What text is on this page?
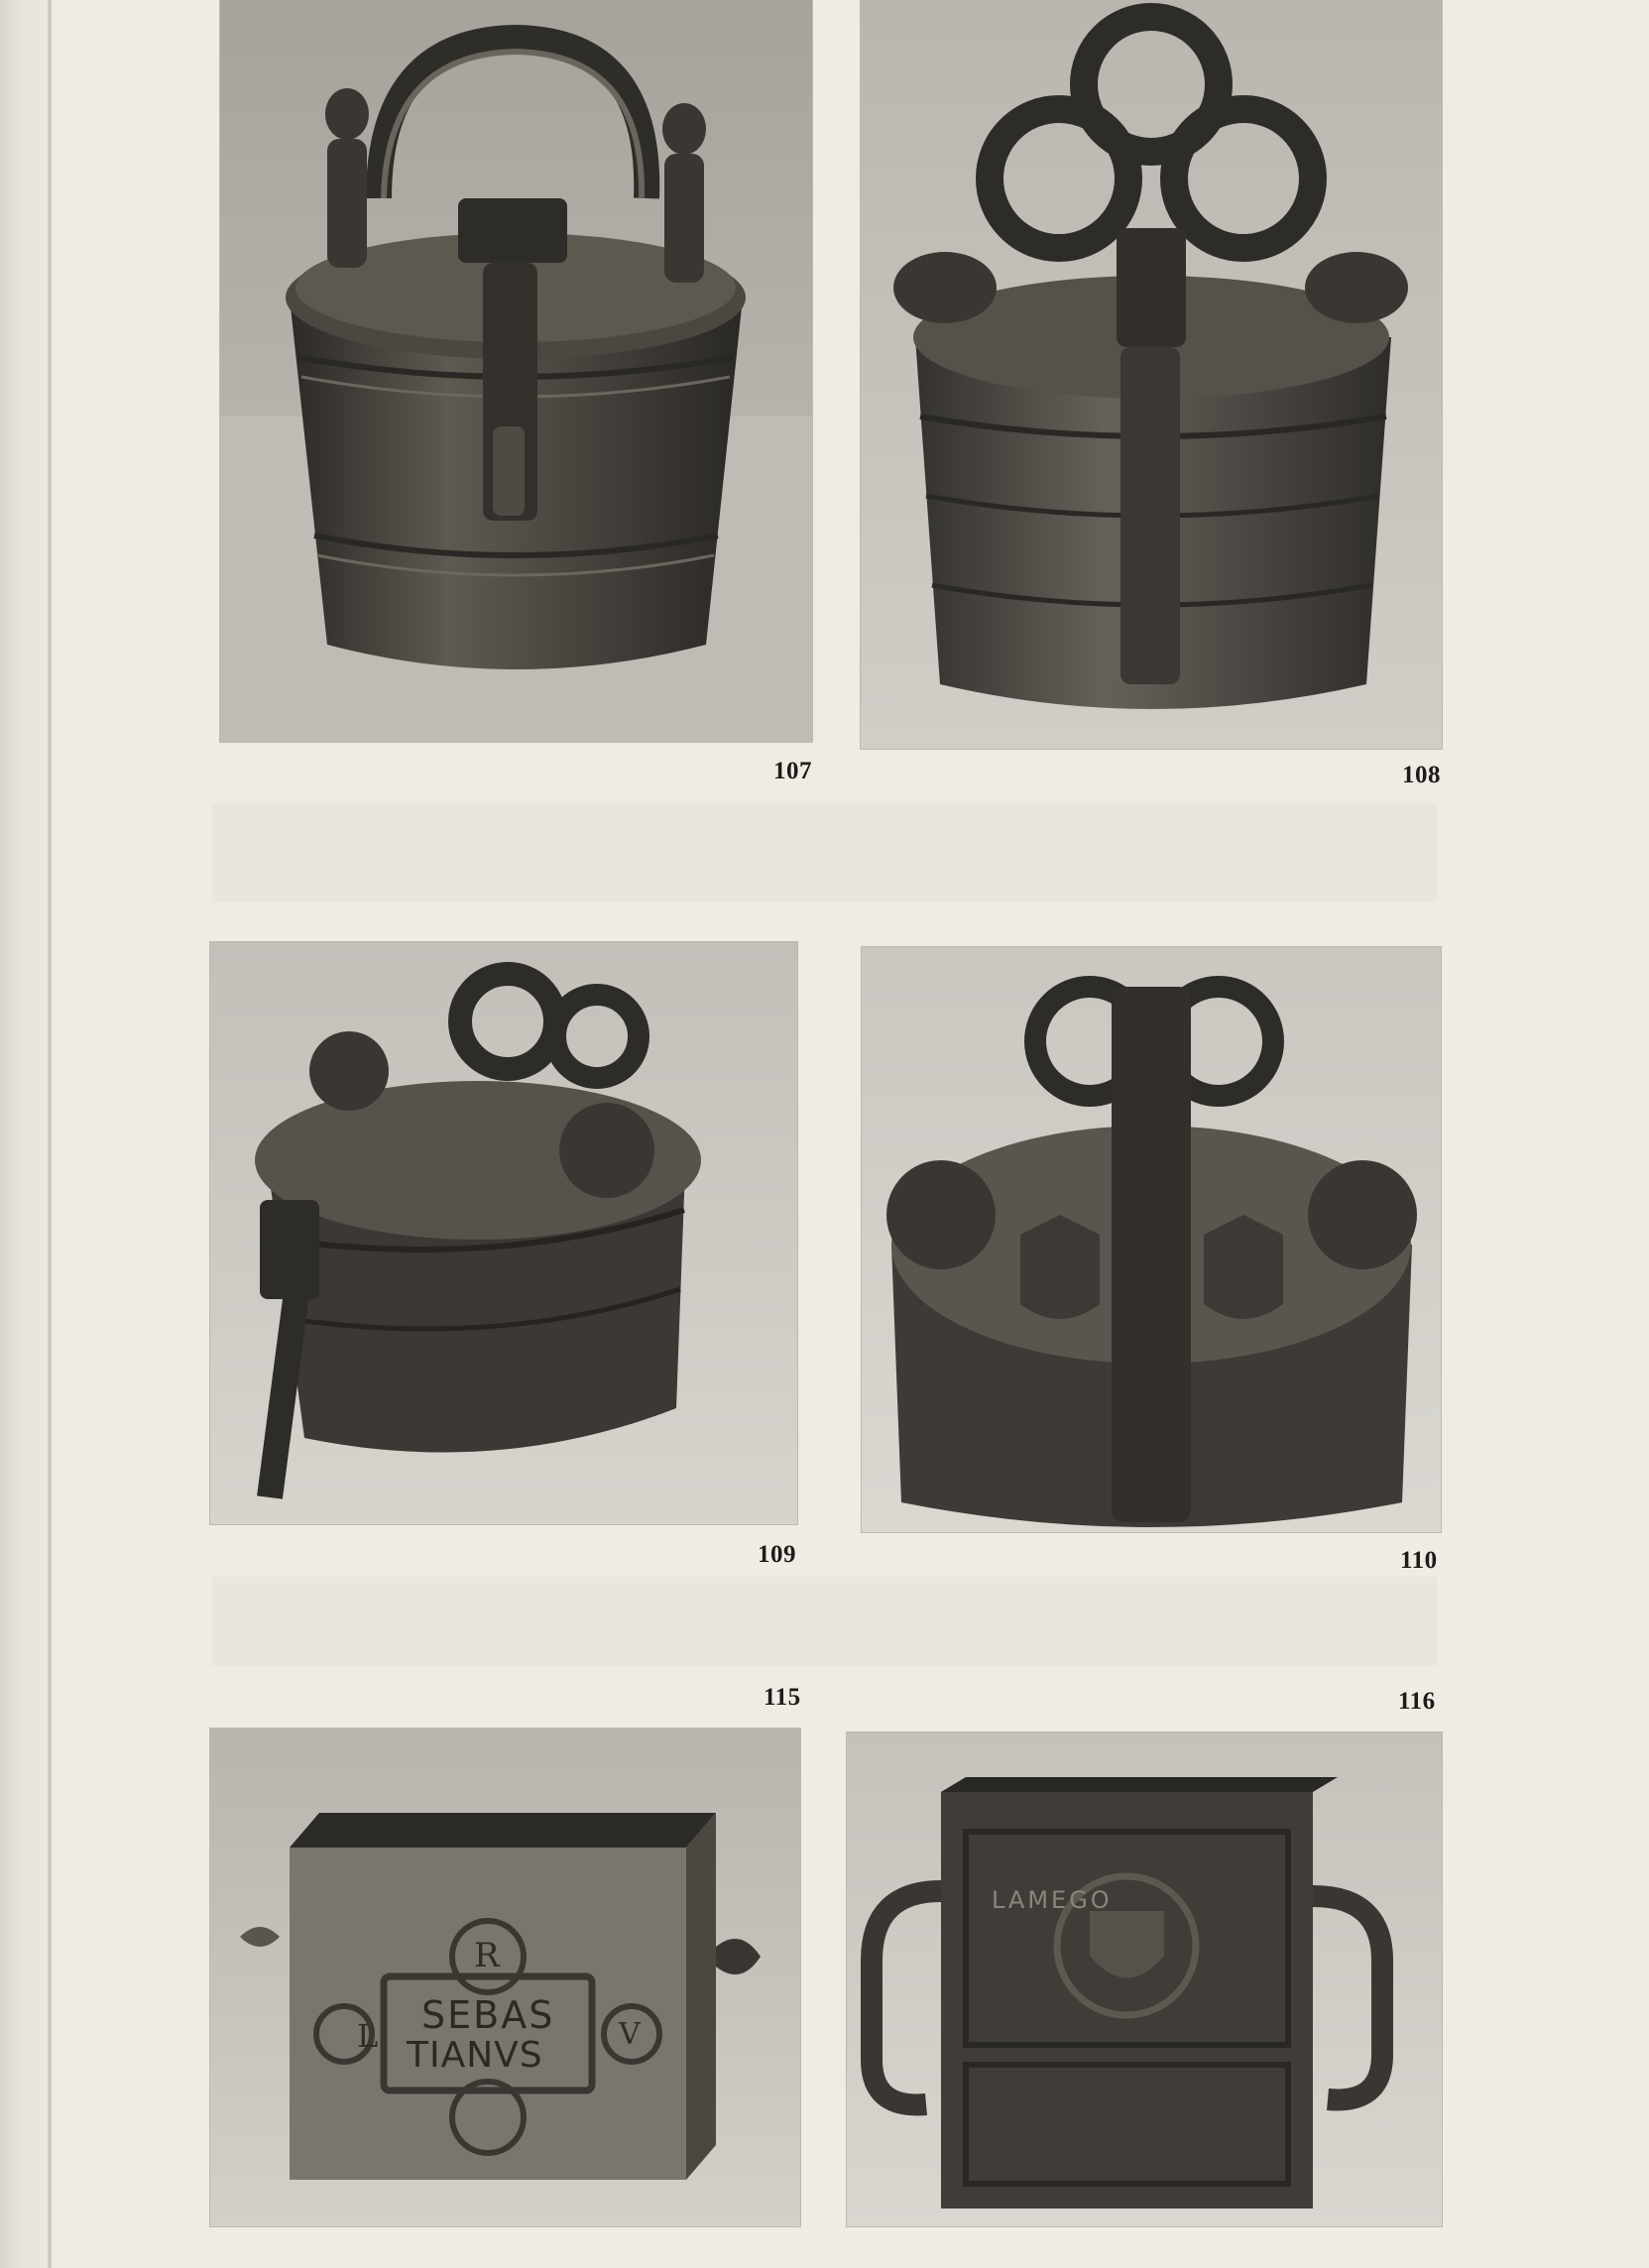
107	108
109	110
115	116
R
L	V
SEBAS
TIANVS
LAMEGO
